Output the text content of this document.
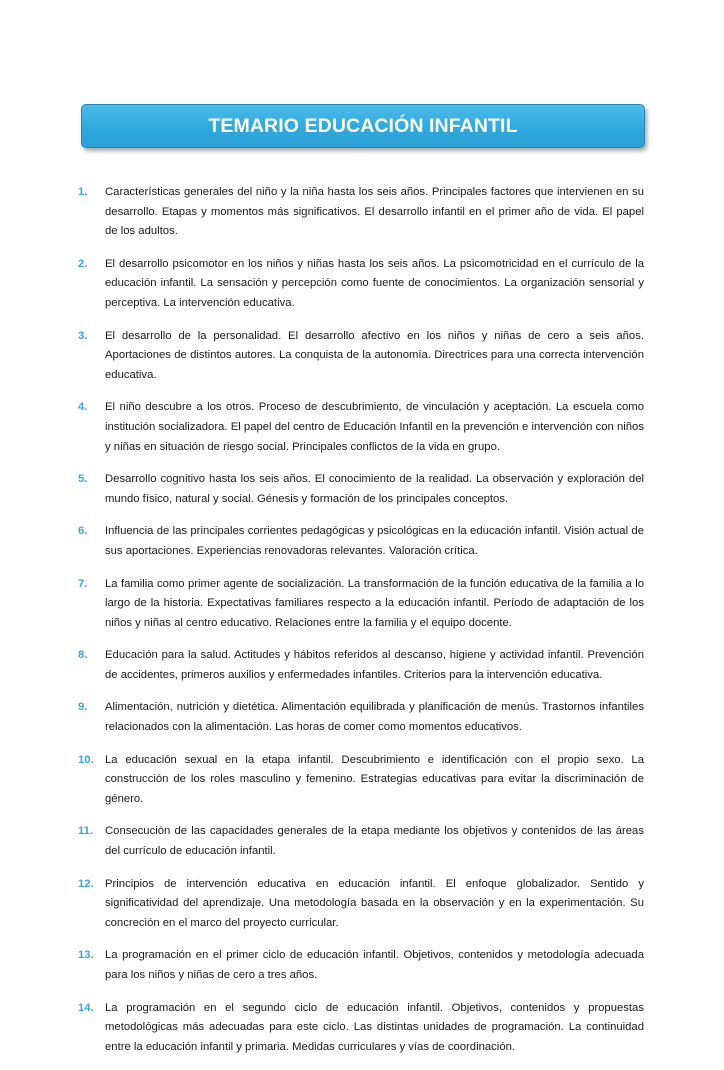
TEMARIO EDUCACIÓN INFANTIL
1. Características generales del niño y la niña hasta los seis años. Principales factores que intervienen en su desarrollo. Etapas y momentos más significativos. El desarrollo infantil en el primer año de vida. El papel de los adultos.
2. El desarrollo psicomotor en los niños y niñas hasta los seis años. La psicomotricidad en el currículo de la educación infantil. La sensación y percepción como fuente de conocimientos. La organización sensorial y perceptiva. La intervención educativa.
3. El desarrollo de la personalidad. El desarrollo afectivo en los niños y niñas de cero a seis años. Aportaciones de distintos autores. La conquista de la autonomía. Directrices para una correcta intervención educativa.
4. El niño descubre a los otros. Proceso de descubrimiento, de vinculación y aceptación. La escuela como institución socializadora. El papel del centro de Educación Infantil en la prevención e intervención con niños y niñas en situación de riesgo social. Principales conflictos de la vida en grupo.
5. Desarrollo cognitivo hasta los seis años. El conocimiento de la realidad. La observación y exploración del mundo físico, natural y social. Génesis y formación de los principales conceptos.
6. Influencia de las principales corrientes pedagógicas y psicológicas en la educación infantil. Visión actual de sus aportaciones. Experiencias renovadoras relevantes. Valoración crítica.
7. La familia como primer agente de socialización. La transformación de la función educativa de la familia a lo largo de la historia. Expectativas familiares respecto a la educación infantil. Período de adaptación de los niños y niñas al centro educativo. Relaciones entre la familia y el equipo docente.
8. Educación para la salud. Actitudes y hábitos referidos al descanso, higiene y actividad infantil. Prevención de accidentes, primeros auxilios y enfermedades infantiles. Criterios para la intervención educativa.
9. Alimentación, nutrición y dietética. Alimentación equilibrada y planificación de menús. Trastornos infantiles relacionados con la alimentación. Las horas de comer como momentos educativos.
10. La educación sexual en la etapa infantil. Descubrimiento e identificación con el propio sexo. La construcción de los roles masculino y femenino. Estrategias educativas para evitar la discriminación de género.
11. Consecución de las capacidades generales de la etapa mediante los objetivos y contenidos de las áreas del currículo de educación infantil.
12. Principios de intervención educativa en educación infantil. El enfoque globalizador. Sentido y significatividad del aprendizaje. Una metodología basada en la observación y en la experimentación. Su concreción en el marco del proyecto curricular.
13. La programación en el primer ciclo de educación infantil. Objetivos, contenidos y metodología adecuada para los niños y niñas de cero a tres años.
14. La programación en el segundo ciclo de educación infantil. Objetivos, contenidos y propuestas metodológicas más adecuadas para este ciclo. Las distintas unidades de programación. La continuidad entre la educación infantil y primaria. Medidas curriculares y vías de coordinación.
